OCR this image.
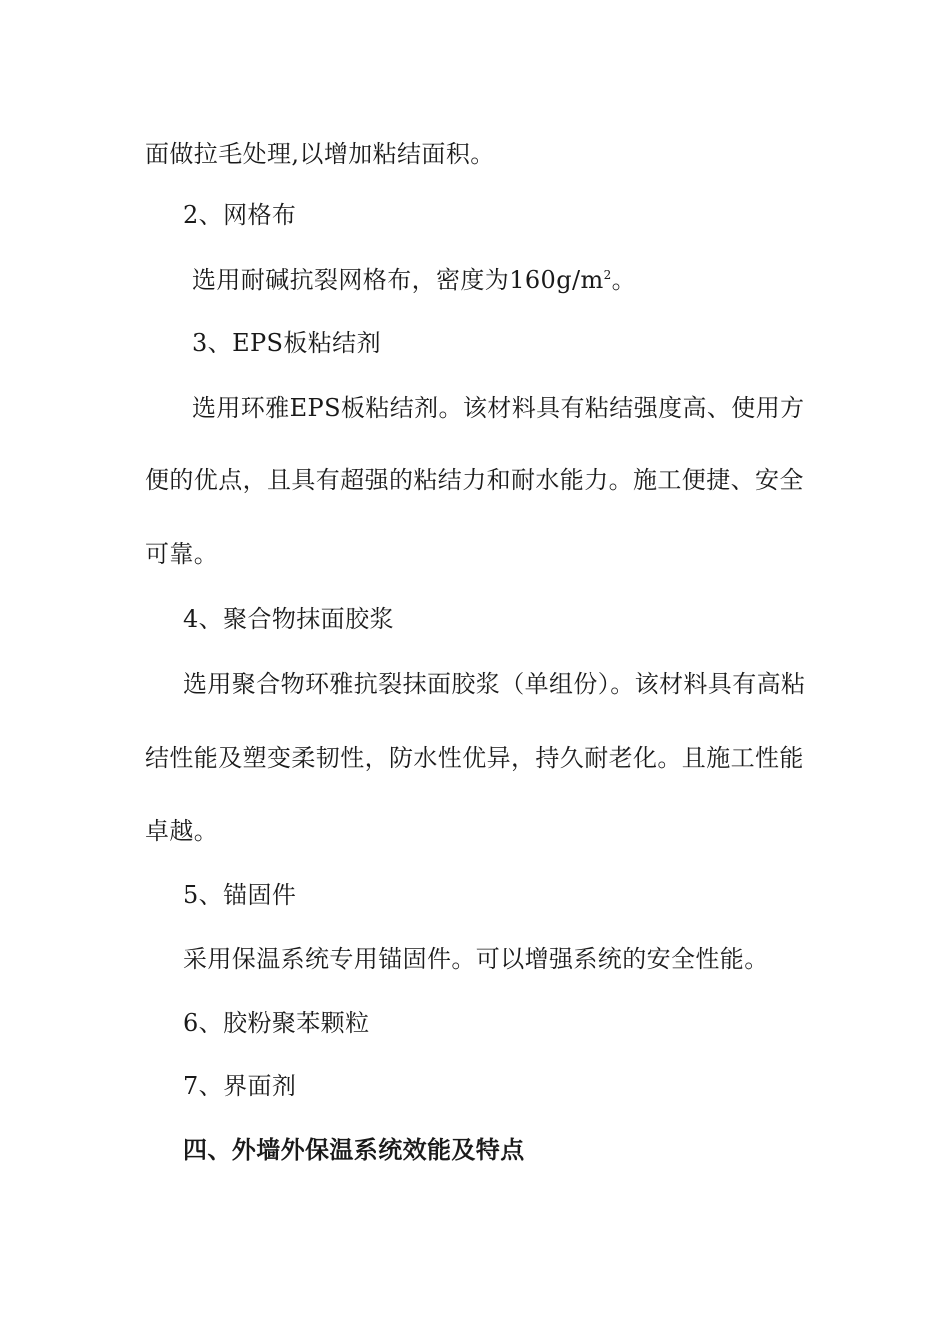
面做拉毛处理,以增加粘结面积。
2、网格布
选用耐碱抗裂网格布，密度为$160g/m^2$。
3、EPS板粘结剂
选用环雅EPS板粘结剂。该材料具有粘结强度高、使用方
便的优点，且具有超强的粘结力和耐水能力。施工便捷、安全
可靠。
4、聚合物抹面胶浆
选用聚合物环雅抗裂抹面胶浆（单组份）。该材料具有高粘
结性能及塑变柔韧性，防水性优异，持久耐老化。且施工性能
卓越。
5、锚固件
采用保温系统专用锚固件。可以增强系统的安全性能。
6、胶粉聚苯颗粒
7、界面剂
四、外墙外保温系统效能及特点
